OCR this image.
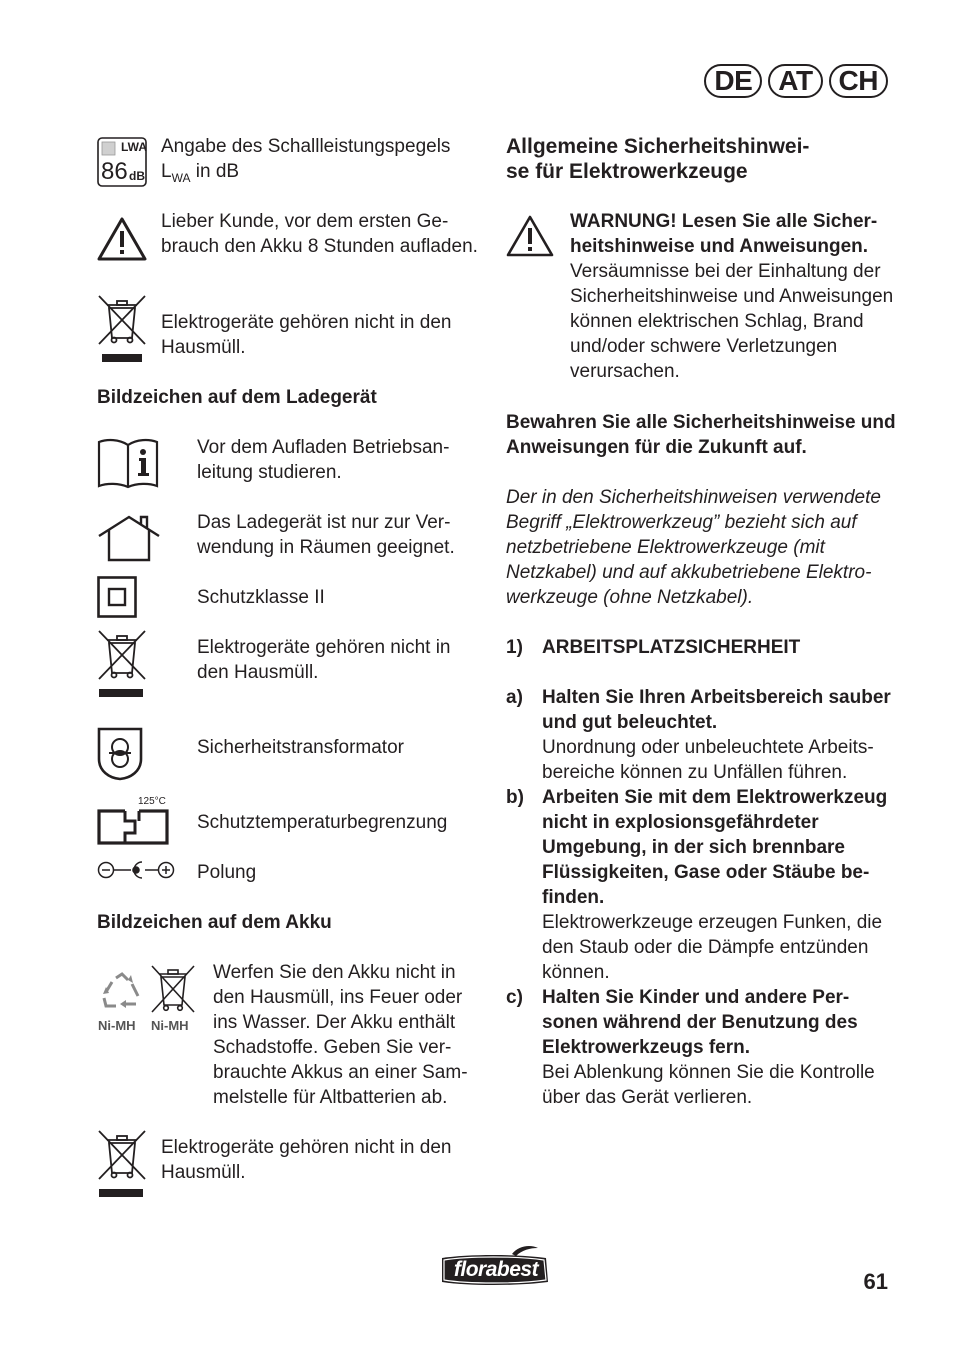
DE AT CH
LWA
86 dB
Angabe des Schallleistungspegels
$L_{WA}$ in dB
Lieber Kunde, vor dem ersten Gebrauch den Akku 8 Stunden aufladen.
Elektrogeräte gehören nicht in den Hausmüll.
Bildzeichen auf dem Ladegerät
Vor dem Aufladen Betriebsanleitung studieren.
Das Ladegerät ist nur zur Verwendung in Räumen geeignet.
Schutzklasse II
Elektrogeräte gehören nicht in den Hausmüll.
Sicherheitstransformator
125°C
Schutztemperaturbegrenzung
Polung
Bildzeichen auf dem Akku
Ni-MH Ni-MH
Werfen Sie den Akku nicht in den Hausmüll, ins Feuer oder ins Wasser. Der Akku enthält Schadstoffe. Geben Sie verbrauchte Akkus an einer Sammelstelle für Altbatterien ab.
Elektrogeräte gehören nicht in den Hausmüll.
Allgemeine Sicherheitshinwei-
se für Elektrowerkzeuge
WARNUNG! Lesen Sie alle Sicherheitshinweise und Anweisungen.
Versäumnisse bei der Einhaltung der Sicherheitshinweise und Anweisungen können elektrischen Schlag, Brand und/oder schwere Verletzungen verursachen.
Bewahren Sie alle Sicherheitshinweise und Anweisungen für die Zukunft auf.
Der in den Sicherheitshinweisen verwendete Begriff „Elektrowerkzeug” bezieht sich auf netzbetriebene Elektrowerkzeuge (mit Netzkabel) und auf akkubetriebene Elektrowerkzeuge (ohne Netzkabel).
1)	ARBEITSPLATZSICHERHEIT
a)	Halten Sie Ihren Arbeitsbereich sauber und gut beleuchtet.
Unordnung oder unbeleuchtete Arbeitsbereiche können zu Unfällen führen.
b) Arbeiten Sie mit dem Elektrowerkzeug nicht in explosionsgefährdeter Umgebung, in der sich brennbare Flüssigkeiten, Gase oder Stäube befinden.
Elektrowerkzeuge erzeugen Funken, die den Staub oder die Dämpfe entzünden können.
c)	Halten Sie Kinder und andere Personen während der Benutzung des Elektrowerkzeugs fern.
Bei Ablenkung können Sie die Kontrolle über das Gerät verlieren.
florabest	61
